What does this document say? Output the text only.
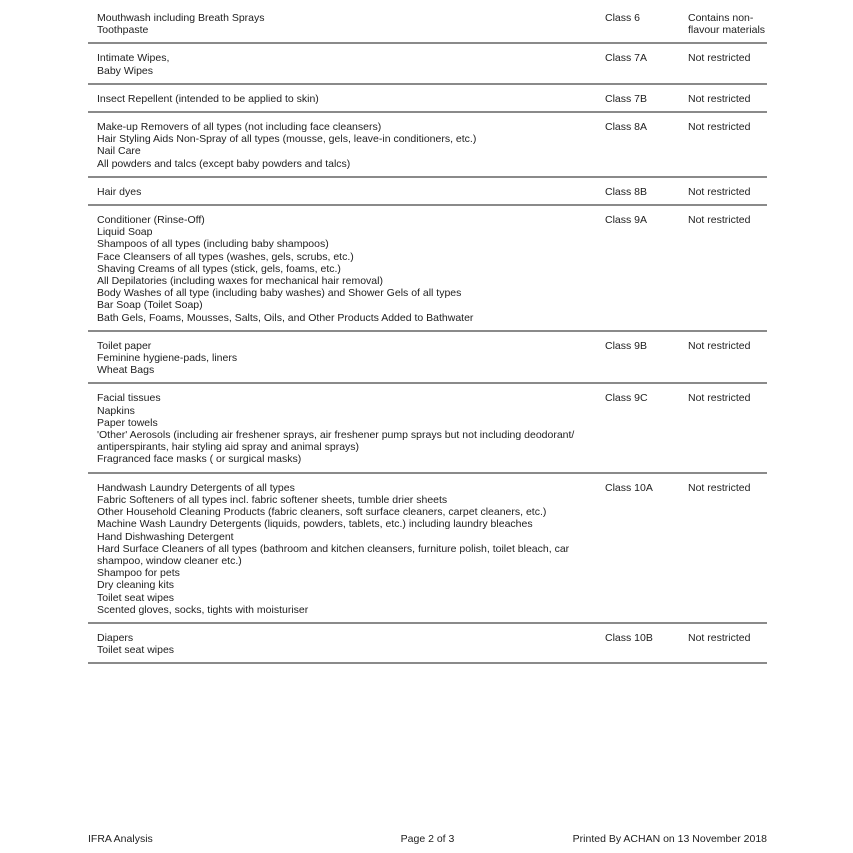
Mouthwash including Breath Sprays
Toothpaste
Class 6	Contains non-flavour materials
Intimate Wipes,
Baby Wipes
Class 7A	Not restricted
Insect Repellent (intended to be applied to skin)	Class 7B	Not restricted
Make-up Removers of all types (not including face cleansers)
Hair Styling Aids Non-Spray of all types (mousse, gels, leave-in conditioners, etc.)
Nail Care
All powders and talcs (except baby powders and talcs)
Class 8A	Not restricted
Hair dyes	Class 8B	Not restricted
Conditioner (Rinse-Off)
Liquid Soap
Shampoos of all types (including baby shampoos)
Face Cleansers of all types (washes, gels, scrubs, etc.)
Shaving Creams of all types (stick, gels, foams, etc.)
All Depilatories (including waxes for mechanical hair removal)
Body Washes of all type (including baby washes) and Shower Gels of all types
Bar Soap (Toilet Soap)
Bath Gels, Foams, Mousses, Salts, Oils, and Other Products Added to Bathwater
Class 9A	Not restricted
Toilet paper
Feminine hygiene-pads, liners
Wheat Bags
Class 9B	Not restricted
Facial tissues
Napkins
Paper towels
'Other' Aerosols (including air freshener sprays, air freshener pump sprays but not including deodorant/
antiperspirants, hair styling aid spray and animal sprays)
Fragranced face masks ( or surgical masks)
Class 9C	Not restricted
Handwash Laundry Detergents of all types
Fabric Softeners of all types incl. fabric softener sheets, tumble drier sheets
Other Household Cleaning Products (fabric cleaners, soft surface cleaners, carpet cleaners, etc.)
Machine Wash Laundry Detergents (liquids, powders, tablets, etc.) including laundry bleaches
Hand Dishwashing Detergent
Hard Surface Cleaners of all types (bathroom and kitchen cleansers, furniture polish, toilet bleach, car
shampoo, window cleaner etc.)
Shampoo for pets
Dry cleaning kits
Toilet seat wipes
Scented gloves, socks, tights with moisturiser
Class 10A	Not restricted
Diapers
Toilet seat wipes
Class 10B	Not restricted
Page 2 of 3
IFRA Analysis	Printed By ACHAN on 13 November 2018
